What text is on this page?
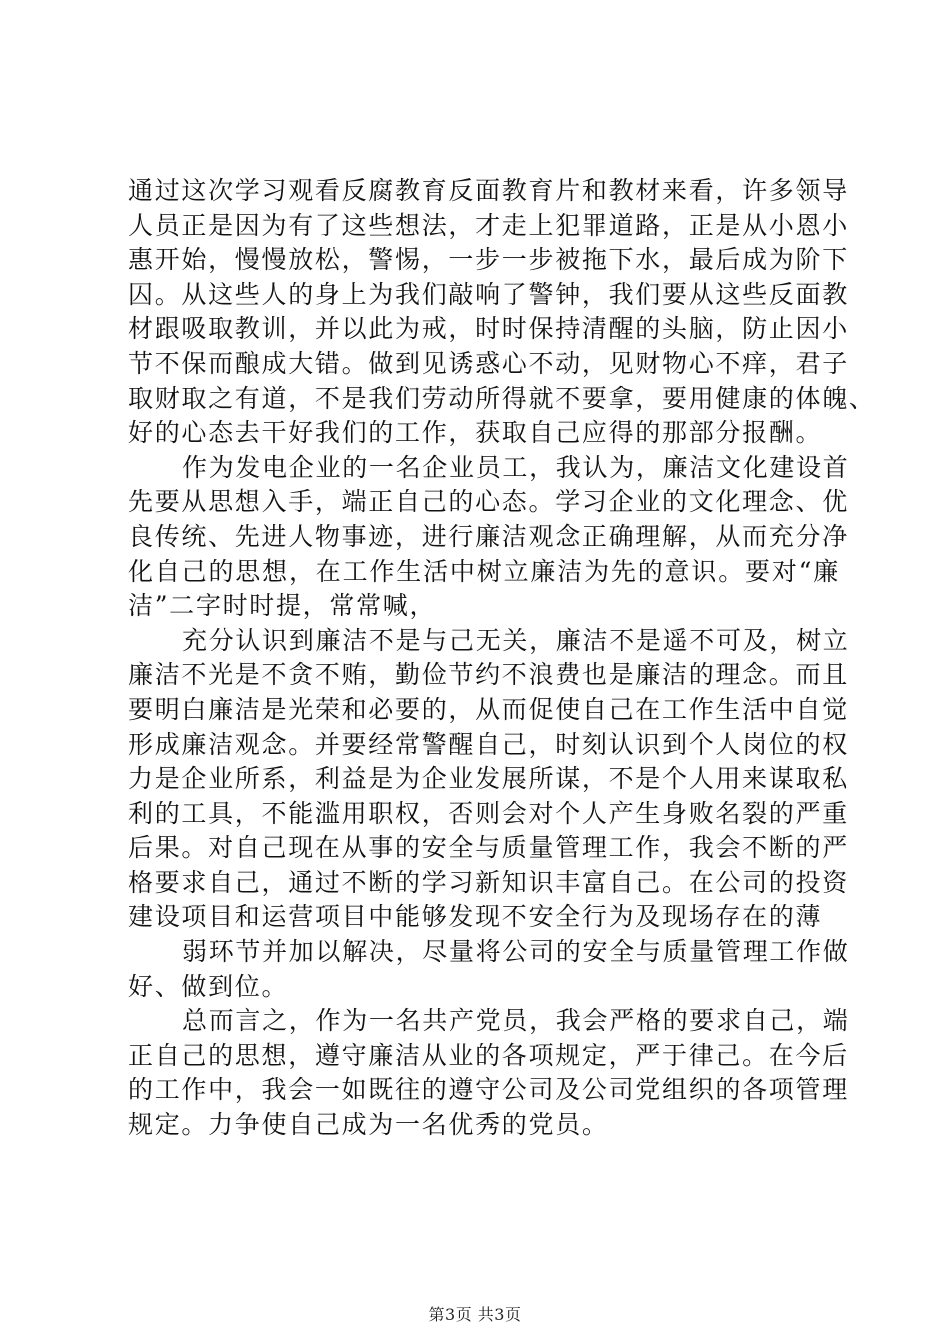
通过这次学习观看反腐教育反面教育片和教材来看，许多领导
人员正是因为有了这些想法，才走上犯罪道路，正是从小恩小
惠开始，慢慢放松，警惕，一步一步被拖下水，最后成为阶下
囚。从这些人的身上为我们敲响了警钟，我们要从这些反面教
材跟吸取教训，并以此为戒，时时保持清醒的头脑，防止因小
节不保而酿成大错。做到见诱惑心不动，见财物心不痒，君子
取财取之有道，不是我们劳动所得就不要拿，要用健康的体魄、
好的心态去干好我们的工作，获取自己应得的那部分报酬。
作为发电企业的一名企业员工，我认为，廉洁文化建设首
先要从思想入手，端正自己的心态。学习企业的文化理念、优
良传统、先进人物事迹，进行廉洁观念正确理解，从而充分净
化自己的思想，在工作生活中树立廉洁为先的意识。要对“廉
洁”二字时时提，常常喊，
充分认识到廉洁不是与己无关，廉洁不是遥不可及，树立
廉洁不光是不贪不贿，勤俭节约不浪费也是廉洁的理念。而且
要明白廉洁是光荣和必要的，从而促使自己在工作生活中自觉
形成廉洁观念。并要经常警醒自己，时刻认识到个人岗位的权
力是企业所系，利益是为企业发展所谋，不是个人用来谋取私
利的工具，不能滥用职权，否则会对个人产生身败名裂的严重
后果。对自己现在从事的安全与质量管理工作，我会不断的严
格要求自己，通过不断的学习新知识丰富自己。在公司的投资
建设项目和运营项目中能够发现不安全行为及现场存在的薄
弱环节并加以解决，尽量将公司的安全与质量管理工作做
好、做到位。
总而言之，作为一名共产党员，我会严格的要求自己，端
正自己的思想，遵守廉洁从业的各项规定，严于律己。在今后
的工作中，我会一如既往的遵守公司及公司党组织的各项管理
规定。力争使自己成为一名优秀的党员。
第3页 共3页
